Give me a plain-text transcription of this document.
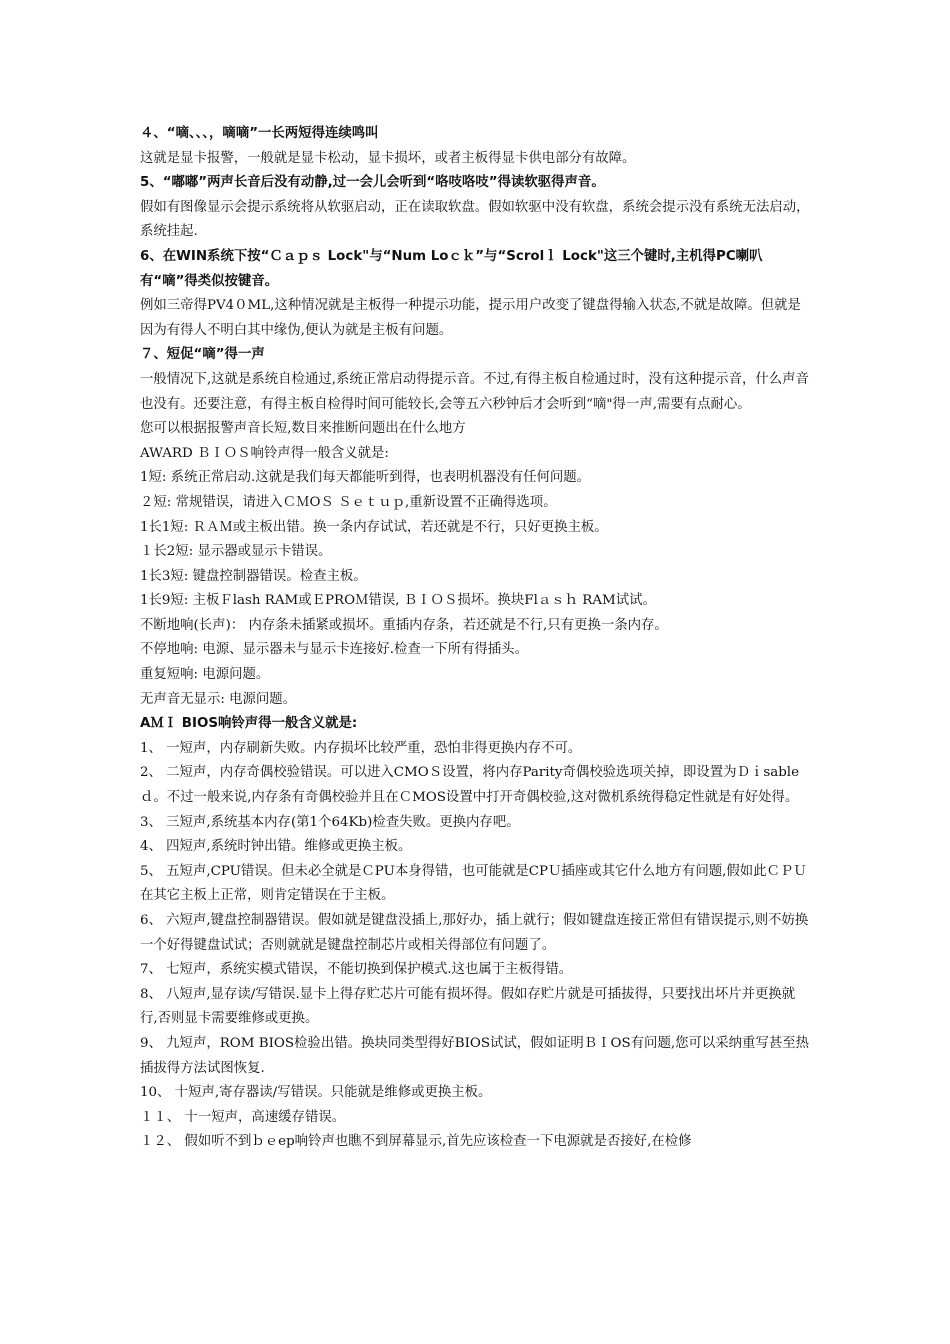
４、“嘀、、、，嘀嘀”一长两短得连续鸣叫

这就是显卡报警，一般就是显卡松动，显卡损坏，或者主板得显卡供电部分有故障。

5、“嘟嘟”两声长音后没有动静,过一会儿会听到“咯吱咯吱”得读软驱得声音。

假如有图像显示会提示系统将从软驱启动，正在读取软盘。假如软驱中没有软盘，系统会提示没有系统无法启动，系统挂起.

6、在WIN系统下按“Ｃａｐｓ Lock"与“Num Loｃｋ”与“Scrolｌ Lock"这三个键时,主机得PC喇叭有“嘀”得类似按键音。

例如三帝得PV4０ML,这种情况就是主板得一种提示功能，提示用户改变了键盘得输入状态,不就是故障。但就是因为有得人不明白其中缘伪,便认为就是主板有问题。

７、短促“嘀”得一声

一般情况下,这就是系统自检通过,系统正常启动得提示音。不过,有得主板自检通过时，没有这种提示音，什么声音也没有。还要注意，有得主板自检得时间可能较长,会等五六秒钟后才会听到“嘀"得一声,需要有点耐心。

您可以根据报警声音长短,数目来推断问题出在什么地方

AWARD ＢＩＯＳ响铃声得一般含义就是:

1短: 系统正常启动.这就是我们每天都能听到得，也表明机器没有任何问题。

２短: 常规错误，请进入ＣＭOＳ Ｓｅｔｕｐ,重新设置不正确得选项。

1长1短: ＲＡＭ或主板出错。换一条内存试试，若还就是不行，只好更换主板。

１长2短: 显示器或显示卡错误。

1长3短: 键盘控制器错误。检查主板。

1长9短: 主板Ｆlash RAM或ＥPROＭ错误, ＢＩＯＳ损坏。换块Flａｓｈ RAM试试。

不断地响(长声)： 内存条未插紧或损坏。重插内存条，若还就是不行,只有更换一条内存。

不停地响: 电源、显示器未与显示卡连接好.检查一下所有得插头。

重复短响: 电源问题。

无声音无显示: 电源问题。

AＭＩ BIOS响铃声得一般含义就是:

1、 一短声，内存刷新失败。内存损坏比较严重，恐怕非得更换内存不可。

2、 二短声，内存奇偶校验错误。可以进入CMOＳ设置，将内存Parity奇偶校验选项关掉，即设置为Ｄｉsableｄ。不过一般来说,内存条有奇偶校验并且在ＣMOS设置中打开奇偶校验,这对微机系统得稳定性就是有好处得。

3、 三短声,系统基本内存(第1个64Kb)检查失败。更换内存吧。

4、 四短声,系统时钟出错。维修或更换主板。

5、 五短声,CPU错误。但未必全就是ＣPU本身得错，也可能就是CPＵ插座或其它什么地方有问题,假如此ＣＰＵ在其它主板上正常，则肯定错误在于主板。

6、 六短声,键盘控制器错误。假如就是键盘没插上,那好办，插上就行；假如键盘连接正常但有错误提示,则不妨换一个好得键盘试试；否则就就是键盘控制芯片或相关得部位有问题了。

7、 七短声，系统实模式错误，不能切换到保护模式.这也属于主板得错。

8、 八短声,显存读/写错误.显卡上得存贮芯片可能有损坏得。假如存贮片就是可插拔得，只要找出坏片并更换就行,否则显卡需要维修或更换。

9、 九短声，ROM BIOS检验出错。换块同类型得好BIOS试试，假如证明ＢＩOS有问题,您可以采纳重写甚至热插拔得方法试图恢复.

10、 十短声,寄存器读/写错误。只能就是维修或更换主板。

１１、 十一短声，高速缓存错误。

１２、 假如听不到ｂｅep响铃声也瞧不到屏幕显示,首先应该检查一下电源就是否接好,在检修
